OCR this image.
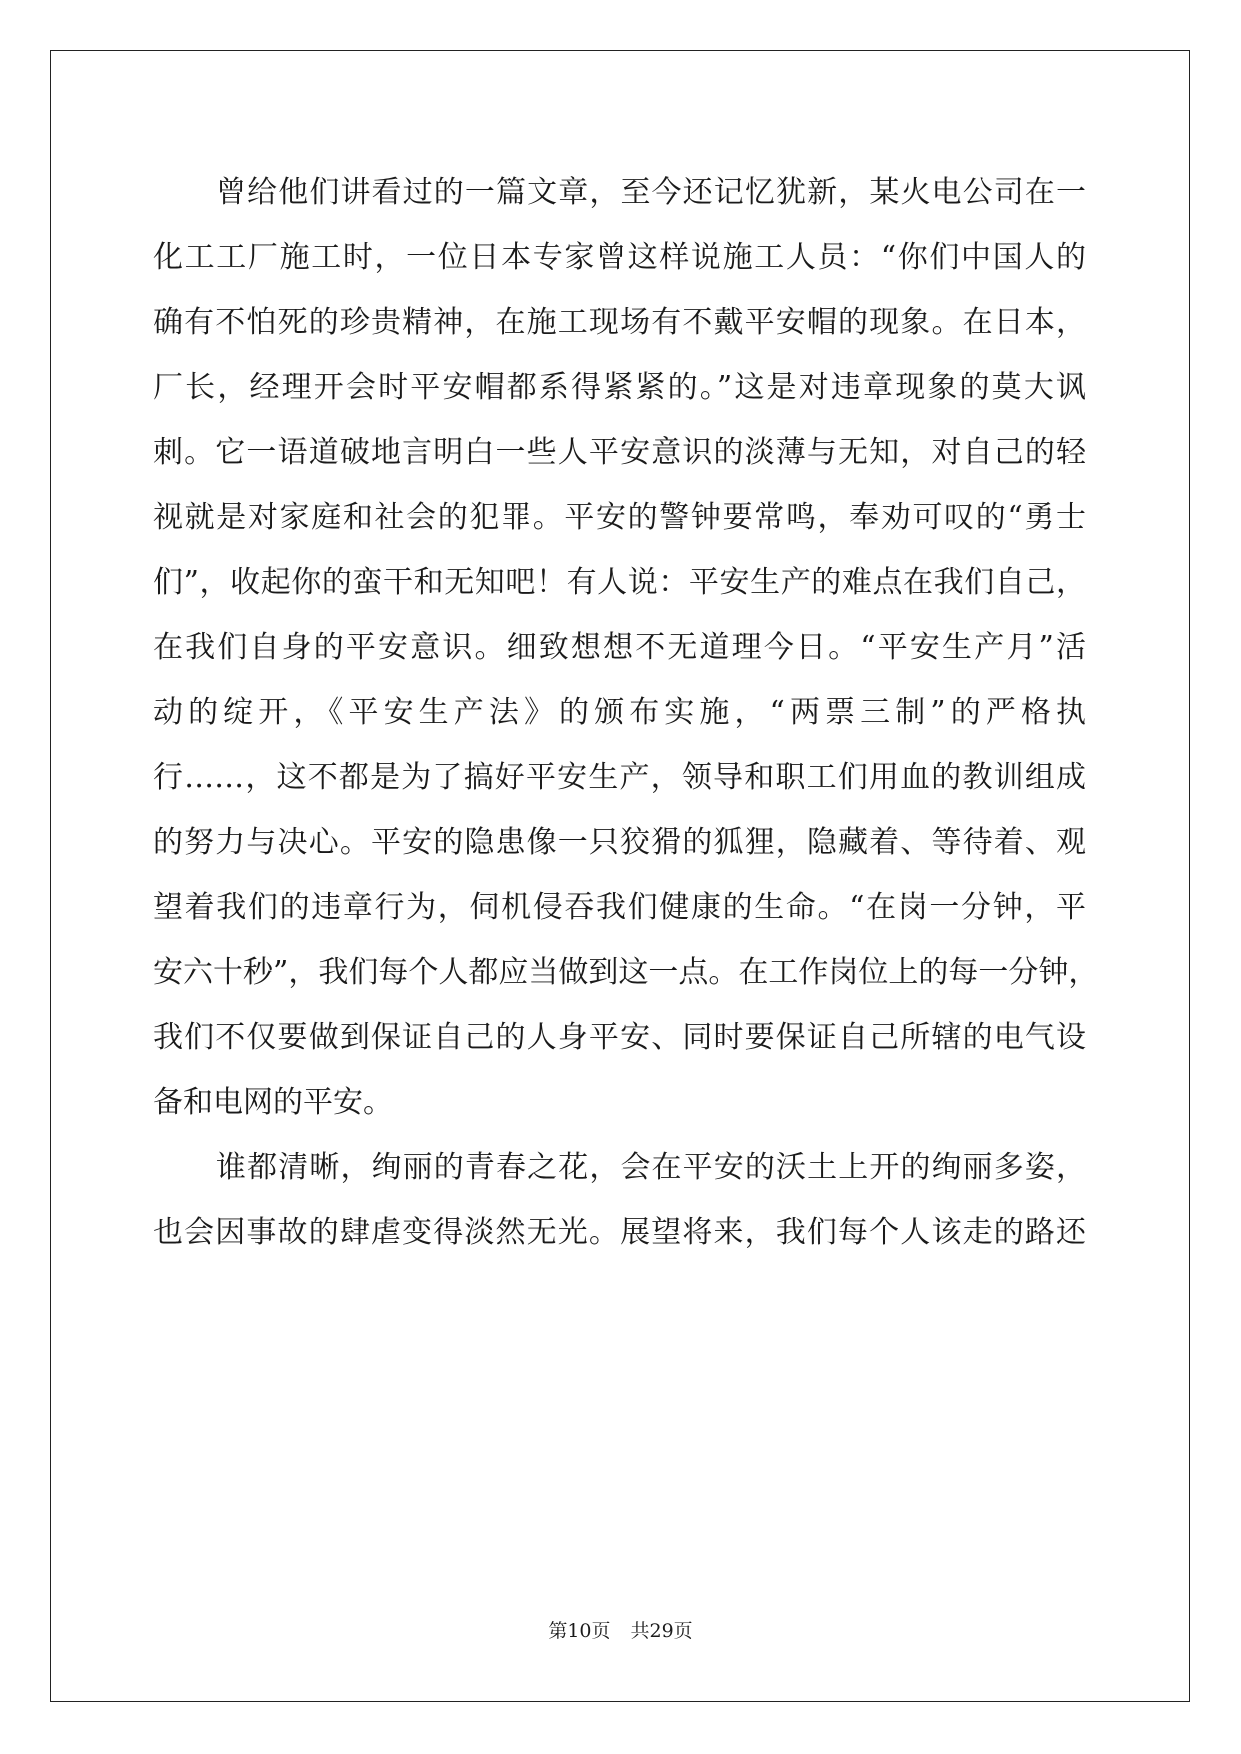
曾给他们讲看过的一篇文章，至今还记忆犹新，某火电公司在一
化工工厂施工时，一位日本专家曾这样说施工人员：“你们中国人的
确有不怕死的珍贵精神，在施工现场有不戴平安帽的现象。在日本，
厂长，经理开会时平安帽都系得紧紧的。”这是对违章现象的莫大讽
刺。它一语道破地言明白一些人平安意识的淡薄与无知，对自己的轻
视就是对家庭和社会的犯罪。平安的警钟要常鸣，奉劝可叹的“勇士
们”，收起你的蛮干和无知吧！有人说：平安生产的难点在我们自己，
在我们自身的平安意识。细致想想不无道理今日。“平安生产月”活
动的绽开，《平安生产法》的颁布实施，“两票三制”的严格执
行……，这不都是为了搞好平安生产，领导和职工们用血的教训组成
的努力与决心。平安的隐患像一只狡猾的狐狸，隐藏着、等待着、观
望着我们的违章行为，伺机侵吞我们健康的生命。“在岗一分钟，平
安六十秒”，我们每个人都应当做到这一点。在工作岗位上的每一分钟，
我们不仅要做到保证自己的人身平安、同时要保证自己所辖的电气设
备和电网的平安。
谁都清晰，绚丽的青春之花，会在平安的沃土上开的绚丽多姿，
也会因事故的肆虐变得淡然无光。展望将来，我们每个人该走的路还
第10页 共29页
